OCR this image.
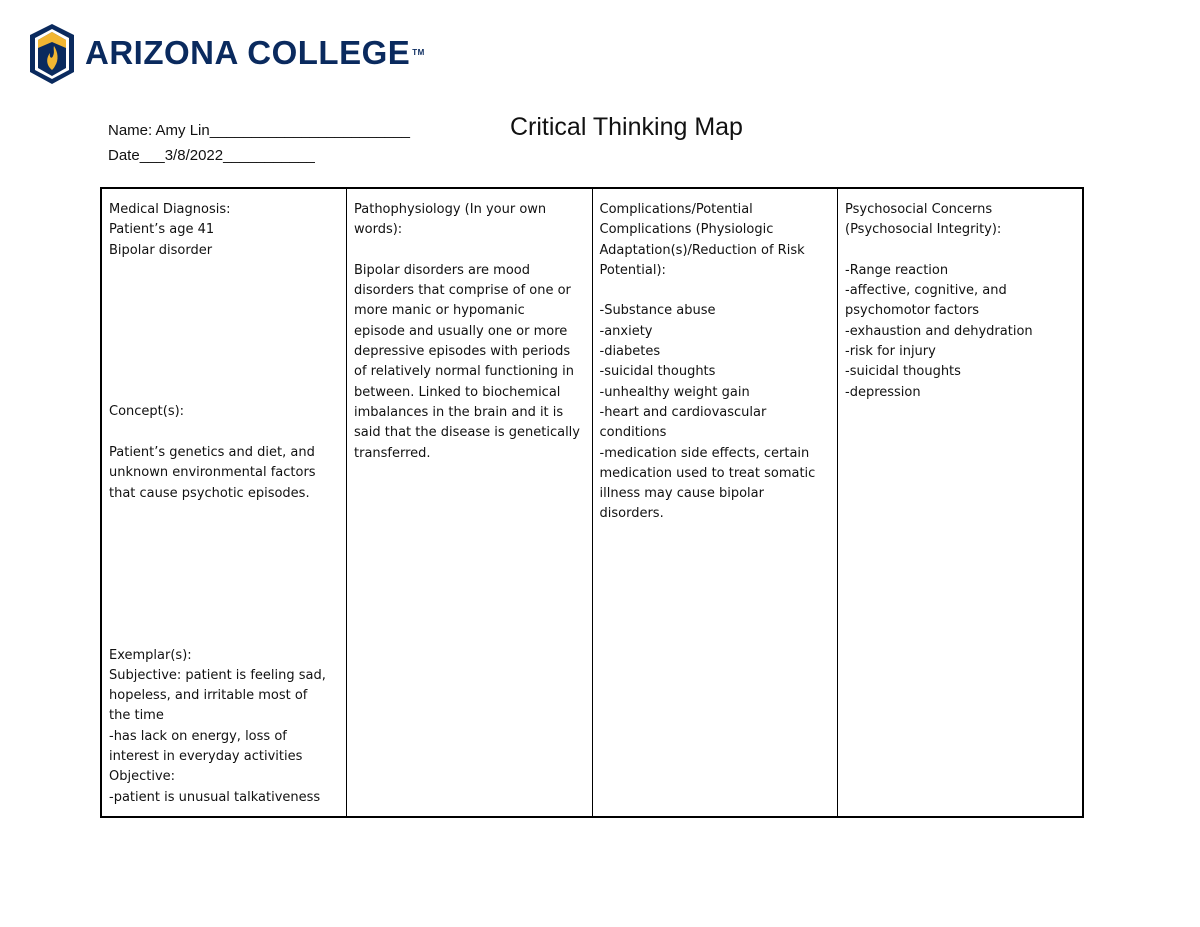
ARIZONA COLLEGE ™
Name: Amy Lin________________________
Date___3/8/2022___________
Critical Thinking Map
Medical Diagnosis:
Patient’s age 41
Bipolar disorder
Concept(s):
Patient’s genetics and diet, and
unknown environmental factors
that cause psychotic episodes.
Exemplar(s):
Subjective: patient is feeling sad,
hopeless, and irritable most of
the time
-has lack on energy, loss of
interest in everyday activities
Objective:
-patient is unusual talkativeness

Pathophysiology (In your own
words):
Bipolar disorders are mood
disorders that comprise of one or
more manic or hypomanic
episode and usually one or more
depressive episodes with periods
of relatively normal functioning in
between. Linked to biochemical
imbalances in the brain and it is
said that the disease is genetically
transferred.

Complications/Potential
Complications (Physiologic
Adaptation(s)/Reduction of Risk
Potential):
-Substance abuse
-anxiety
-diabetes
-suicidal thoughts
-unhealthy weight gain
-heart and cardiovascular
conditions
-medication side effects, certain
medication used to treat somatic
illness may cause bipolar
disorders.

Psychosocial Concerns
(Psychosocial Integrity):
-Range reaction
-affective, cognitive, and
psychomotor factors
-exhaustion and dehydration
-risk for injury
-suicidal thoughts
-depression
